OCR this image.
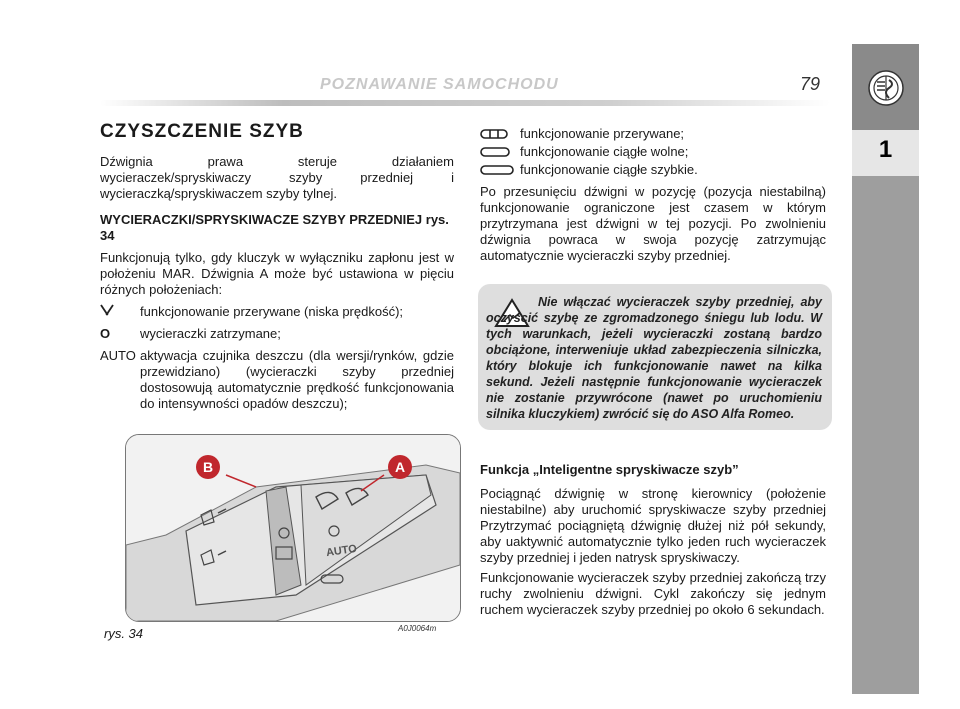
POZNAWANIE SAMOCHODU	79
1
CZYSZCZENIE SZYB
Dźwignia prawa steruje działaniem wycieraczek/spryskiwaczy szyby przedniej i wycieraczką/spryskiwaczem szyby tylnej.
WYCIERACZKI/SPRYSKIWACZE SZYBY PRZEDNIEJ rys. 34
Funkcjonują tylko, gdy kluczyk w wyłączniku zapłonu jest w położeniu MAR. Dźwignia A może być ustawiona w pięciu różnych położeniach:
funkcjonowanie przerywane (niska prędkość);
O	wycieraczki zatrzymane;
AUTO aktywacja czujnika deszczu (dla wersji/rynków, gdzie przewidziano) (wycieraczki szyby przedniej dostosowują automatycznie prędkość funkcjonowania do intensywności opadów deszczu);
B	A
AUTO
rys. 34	A0J0064m
funkcjonowanie przerywane;
funkcjonowanie ciągłe wolne;
funkcjonowanie ciągłe szybkie.
Po przesunięciu dźwigni w pozycję (pozycja niestabilną) funkcjonowanie ograniczone jest czasem w którym przytrzymana jest dźwigni w tej pozycji. Po zwolnieniu dźwignia powraca w swoja pozycję zatrzymując automatycznie wycieraczki szyby przedniej.
Nie włączać wycieraczek szyby przedniej, aby oczyścić szybę ze zgromadzonego śniegu lub lodu. W tych warunkach, jeżeli wycieraczki zostaną bardzo obciążone, interweniuje układ zabezpieczenia silniczka, który blokuje ich funkcjonowanie nawet na kilka sekund. Jeżeli następnie funkcjonowanie wycieraczek nie zostanie przywrócone (nawet po uruchomieniu silnika kluczykiem) zwrócić się do ASO Alfa Romeo.
Funkcja „Inteligentne spryskiwacze szyb”
Pociągnąć dźwignię w stronę kierownicy (położenie niestabilne) aby uruchomić spryskiwacze szyby przedniej Przytrzymać pociągniętą dźwignię dłużej niż pół sekundy, aby uaktywnić automatycznie tylko jeden ruch wycieraczek szyby przedniej i jeden natrysk spryskiwaczy.
Funkcjonowanie wycieraczek szyby przedniej zakończą trzy ruchy zwolnieniu dźwigni. Cykl zakończy się jednym ruchem wycieraczek szyby przedniej po około 6 sekundach.
